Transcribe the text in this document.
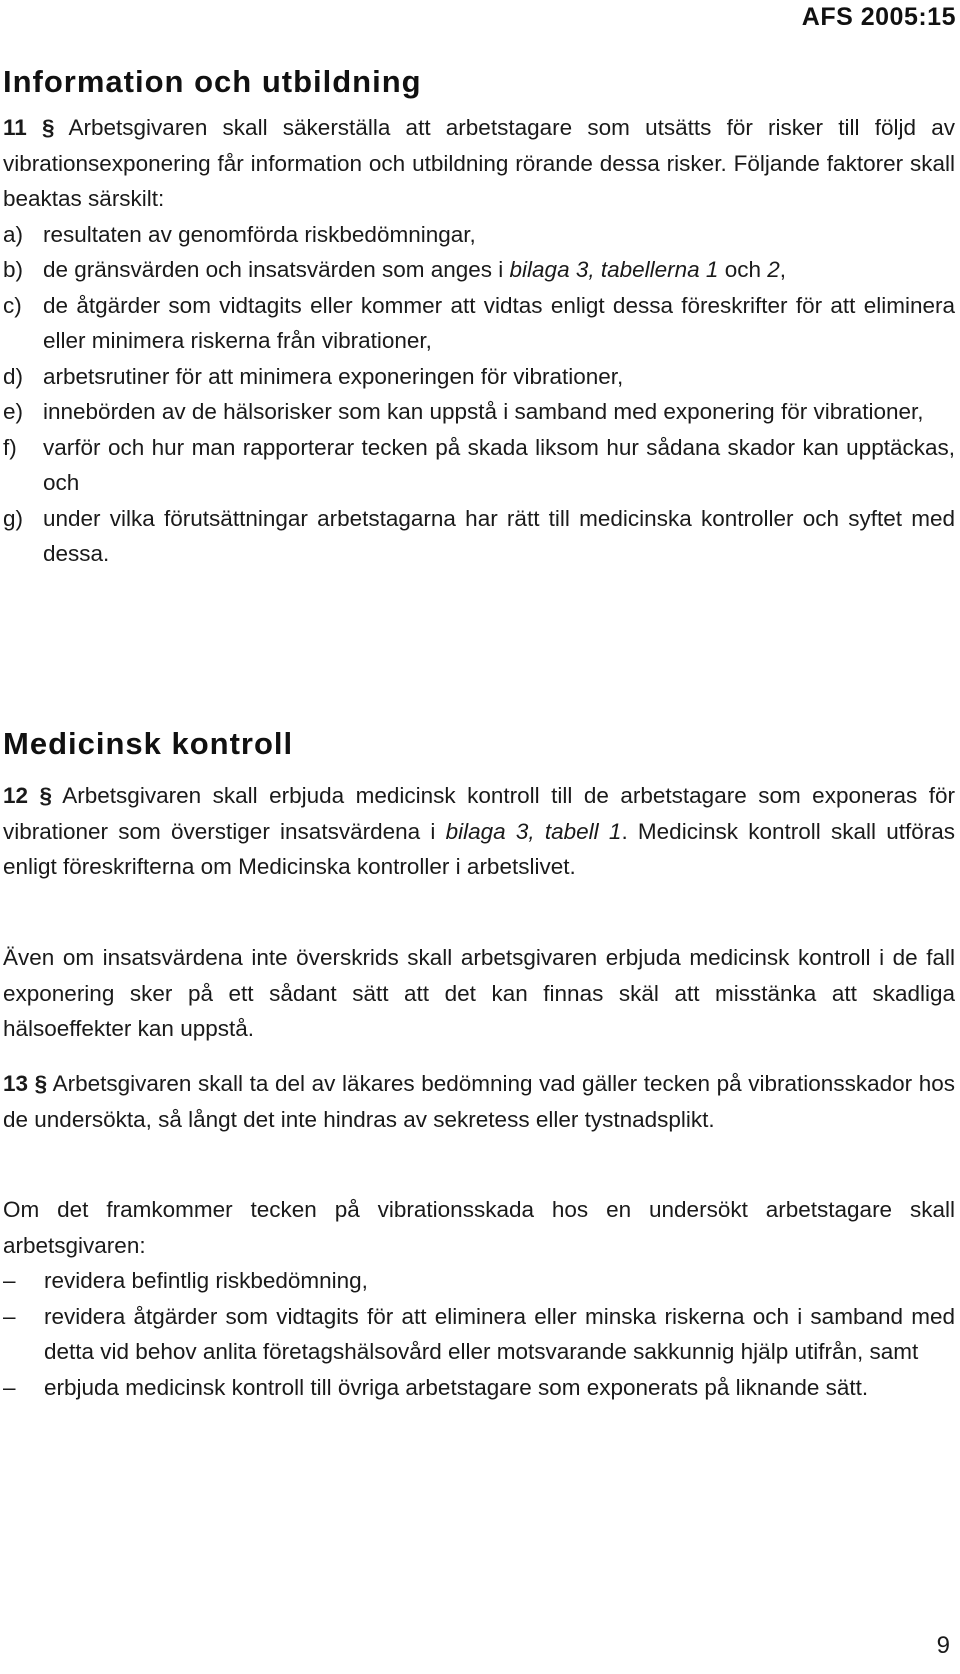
AFS 2005:15
Information och utbildning

11 § Arbetsgivaren skall säkerställa att arbetstagare som utsätts för risker till följd av vibrationsexponering får information och utbildning rörande dessa risker. Följande faktorer skall beaktas särskilt:

a) resultaten av genomförda riskbedömningar,
b) de gränsvärden och insatsvärden som anges i bilaga 3, tabellerna 1 och 2,
c) de åtgärder som vidtagits eller kommer att vidtas enligt dessa föreskrifter för att eliminera eller minimera riskerna från vibrationer,
d) arbetsrutiner för att minimera exponeringen för vibrationer,
e) innebörden av de hälsorisker som kan uppstå i samband med exponering för vibrationer,
f) varför och hur man rapporterar tecken på skada liksom hur sådana skador kan upptäckas, och
g) under vilka förutsättningar arbetstagarna har rätt till medicinska kontroller och syftet med dessa.
Medicinsk kontroll

12 § Arbetsgivaren skall erbjuda medicinsk kontroll till de arbetstagare som exponeras för vibrationer som överstiger insatsvärdena i bilaga 3, tabell 1. Medicinsk kontroll skall utföras enligt föreskrifterna om Medicinska kontroller i arbetslivet.

Även om insatsvärdena inte överskrids skall arbetsgivaren erbjuda medicinsk kontroll i de fall exponering sker på ett sådant sätt att det kan finnas skäl att misstänka att skadliga hälsoeffekter kan uppstå.

13 § Arbetsgivaren skall ta del av läkares bedömning vad gäller tecken på vibrationsskador hos de undersökta, så långt det inte hindras av sekretess eller tystnadsplikt.

Om det framkommer tecken på vibrationsskada hos en undersökt arbetstagare skall arbetsgivaren:

– revidera befintlig riskbedömning,
– revidera åtgärder som vidtagits för att eliminera eller minska riskerna och i samband med detta vid behov anlita företagshälsovård eller motsvarande sakkunnig hjälp utifrån, samt
– erbjuda medicinsk kontroll till övriga arbetstagare som exponerats på liknande sätt.
9
